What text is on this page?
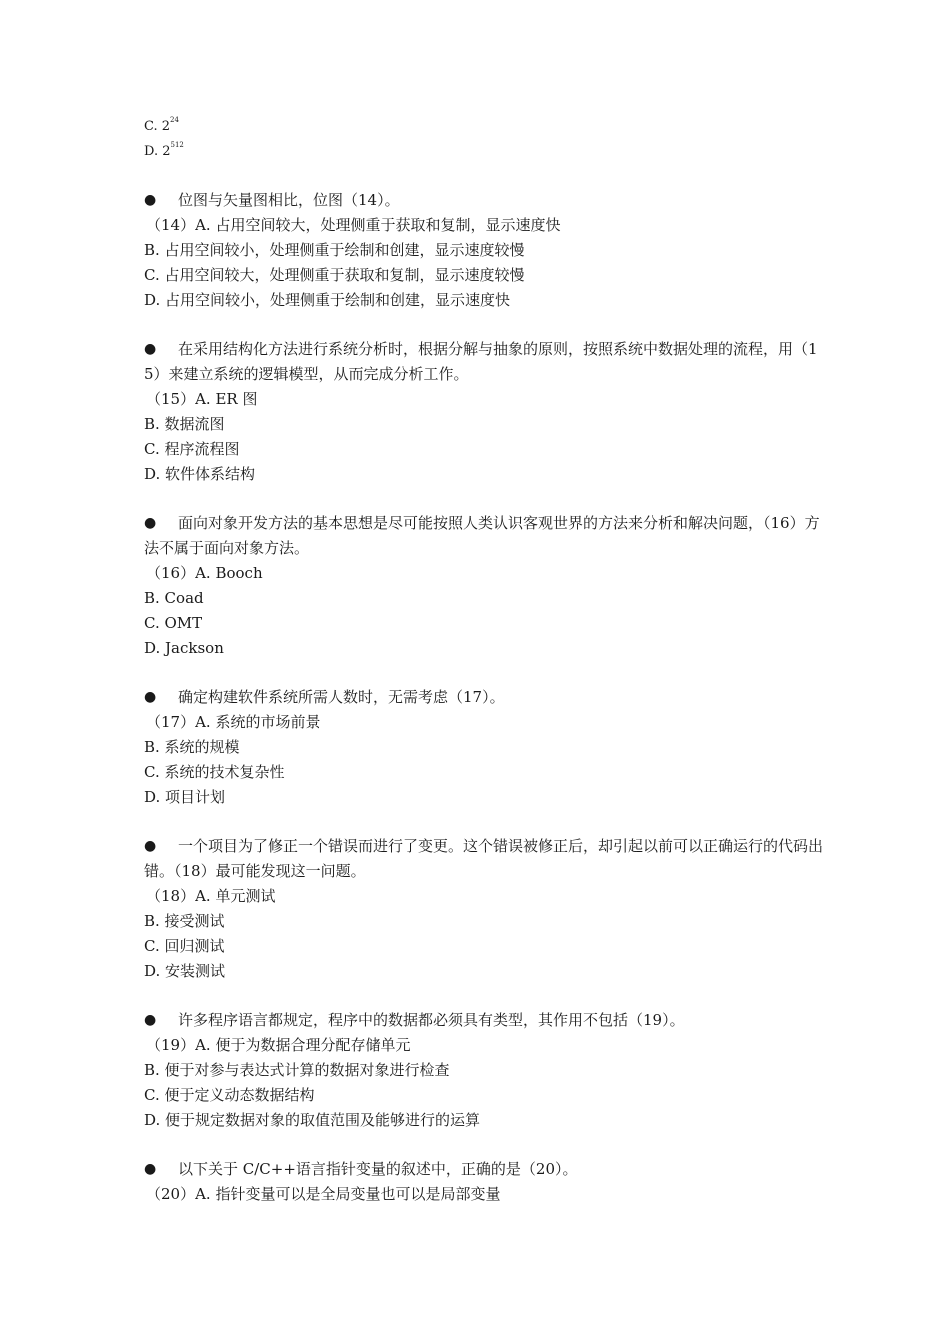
C. $2^{24}$
D. $2^{512}$
● 位图与矢量图相比，位图（14）。
（14）A. 占用空间较大，处理侧重于获取和复制，显示速度快
B. 占用空间较小，处理侧重于绘制和创建，显示速度较慢
C. 占用空间较大，处理侧重于获取和复制，显示速度较慢
D. 占用空间较小，处理侧重于绘制和创建，显示速度快
● 在采用结构化方法进行系统分析时，根据分解与抽象的原则，按照系统中数据处理的流程，用（15）来建立系统的逻辑模型，从而完成分析工作。
（15）A. ER 图
B. 数据流图
C. 程序流程图
D. 软件体系结构
● 面向对象开发方法的基本思想是尽可能按照人类认识客观世界的方法来分析和解决问题，（16）方法不属于面向对象方法。
（16）A. Booch
B. Coad
C. OMT
D. Jackson
● 确定构建软件系统所需人数时，无需考虑（17）。
（17）A. 系统的市场前景
B. 系统的规模
C. 系统的技术复杂性
D. 项目计划
● 一个项目为了修正一个错误而进行了变更。这个错误被修正后，却引起以前可以正确运行的代码出错。（18）最可能发现这一问题。
（18）A. 单元测试
B. 接受测试
C. 回归测试
D. 安装测试
● 许多程序语言都规定，程序中的数据都必须具有类型，其作用不包括（19）。
（19）A. 便于为数据合理分配存储单元
B. 便于对参与表达式计算的数据对象进行检查
C. 便于定义动态数据结构
D. 便于规定数据对象的取值范围及能够进行的运算
● 以下关于 C/C++语言指针变量的叙述中，正确的是（20）。
（20）A. 指针变量可以是全局变量也可以是局部变量
